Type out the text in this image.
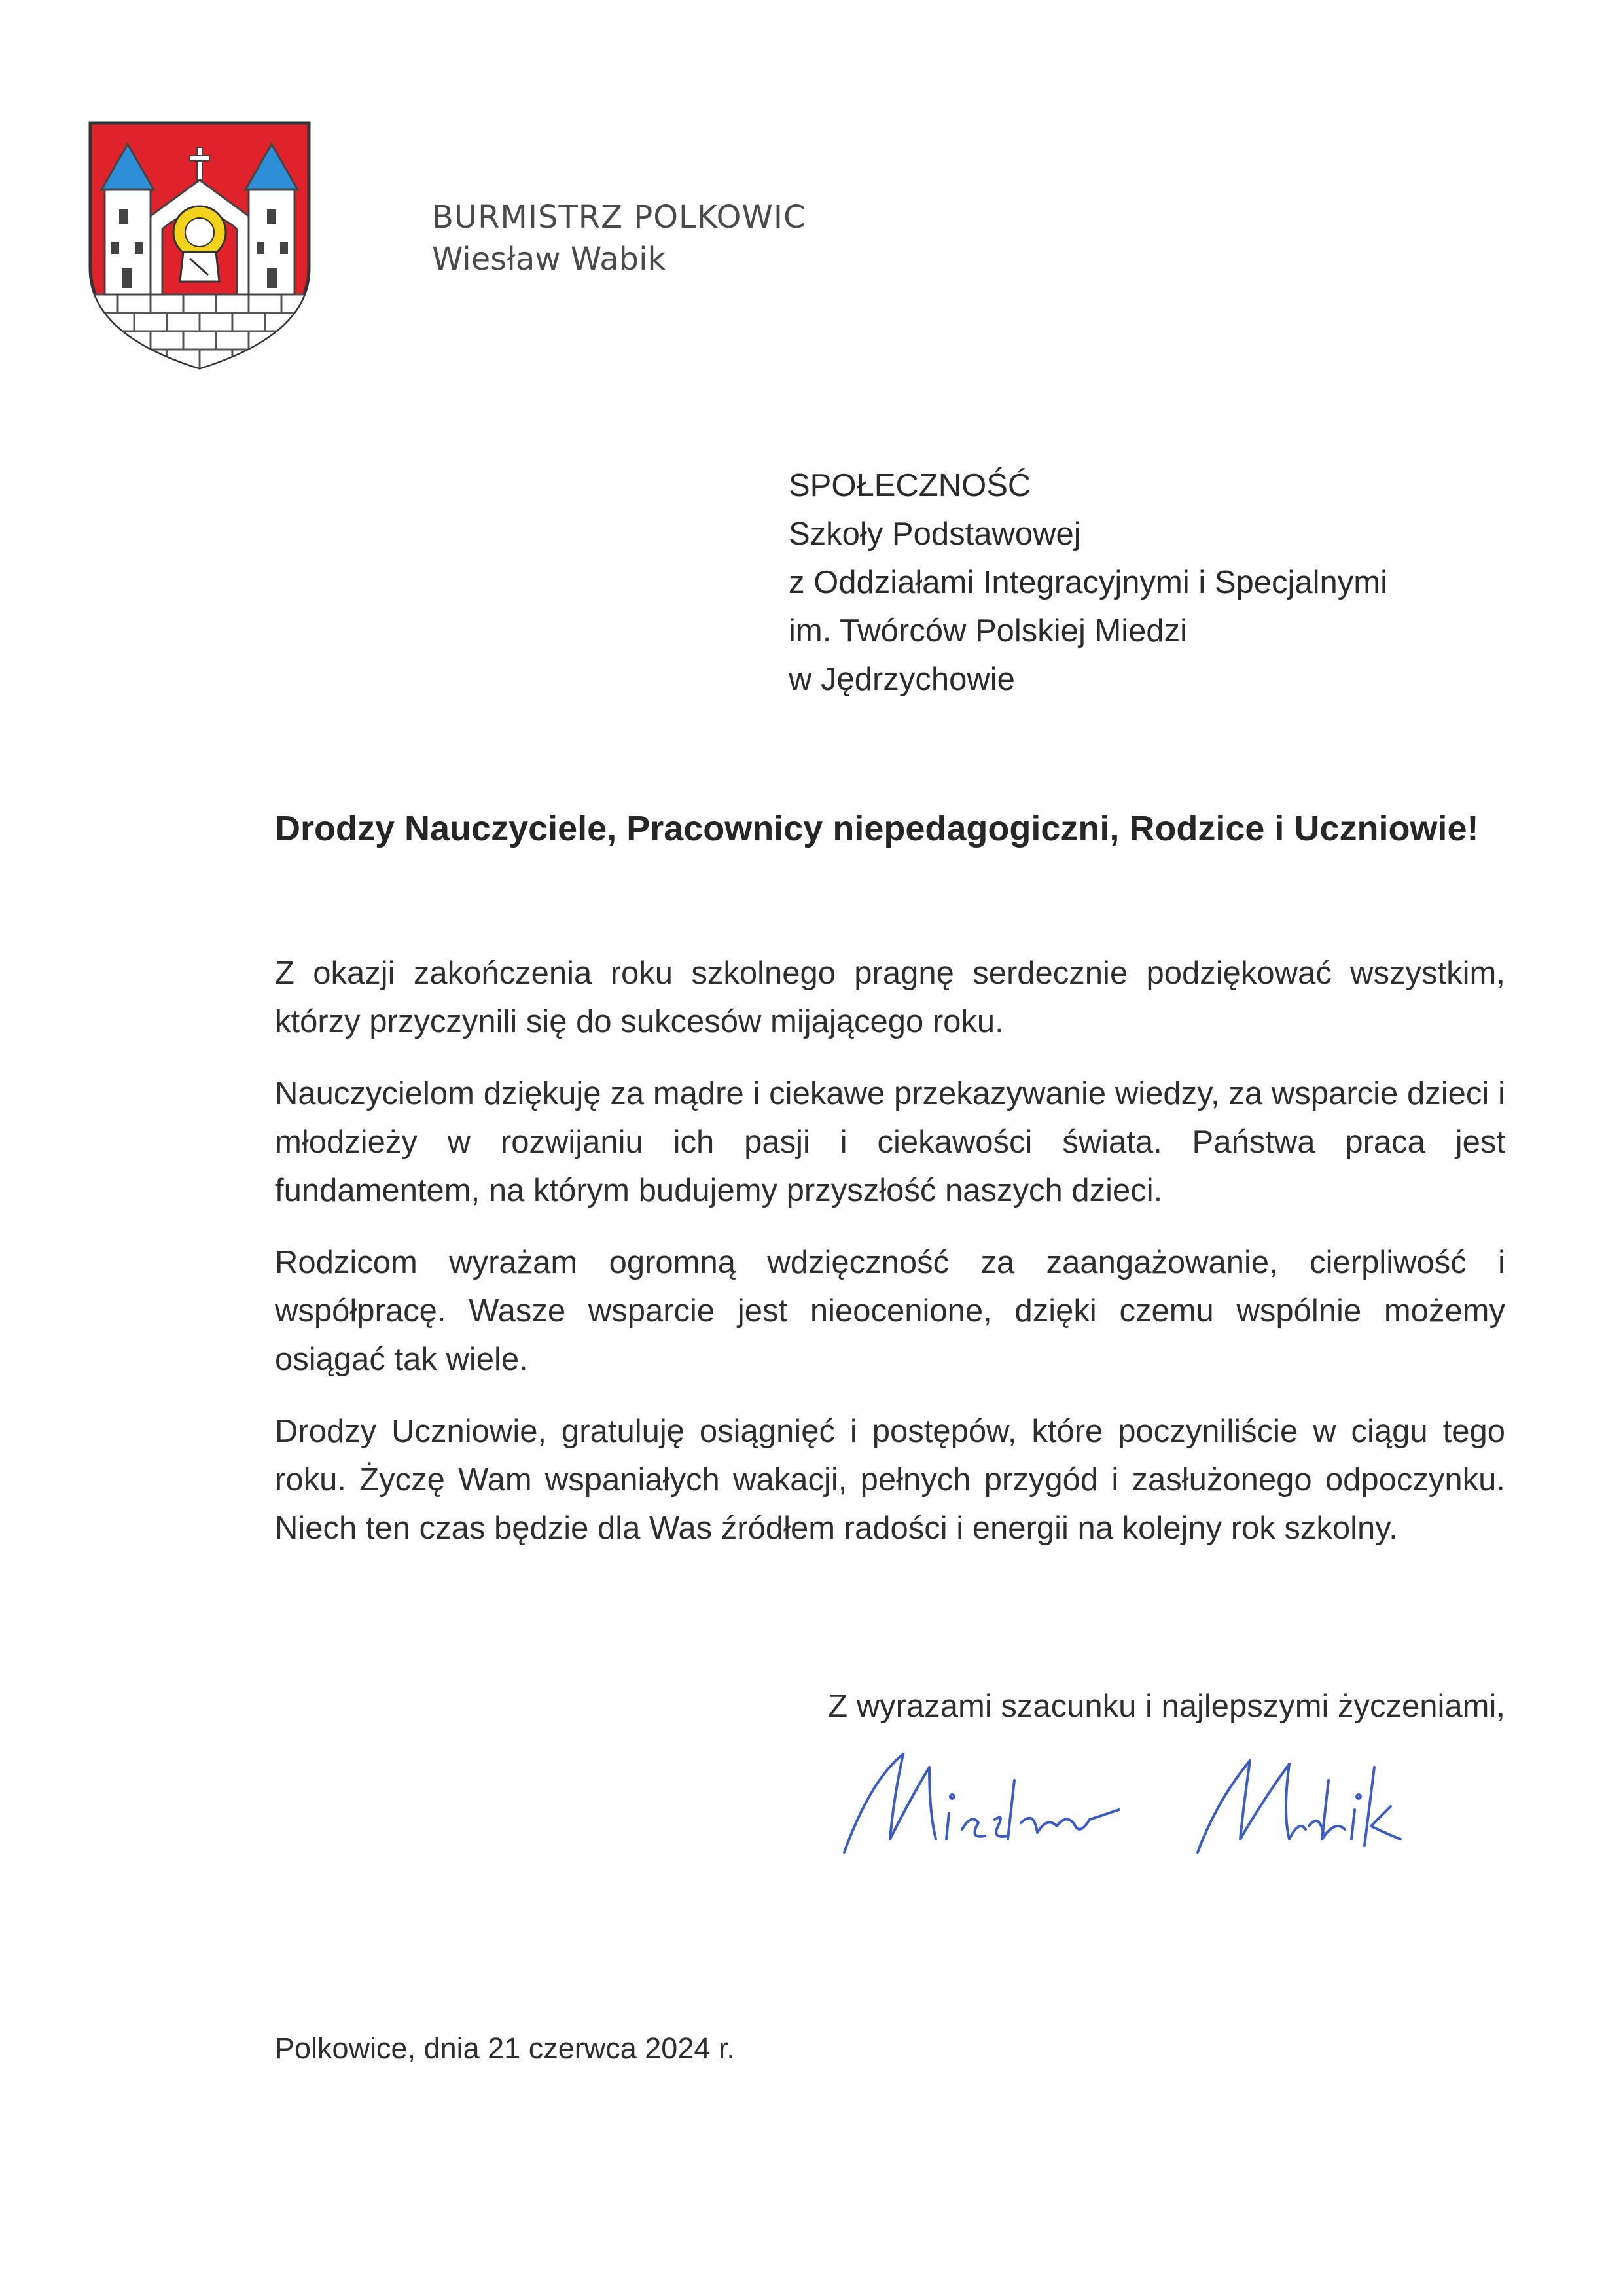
BURMISTRZ POLKOWIC
Wiesław Wabik
SPOŁECZNOŚĆ
Szkoły Podstawowej
z Oddziałami Integracyjnymi i Specjalnymi
im. Twórców Polskiej Miedzi
w Jędrzychowie
Drodzy Nauczyciele, Pracownicy niepedagogiczni, Rodzice i Uczniowie!

Z okazji zakończenia roku szkolnego pragnę serdecznie podziękować wszystkim, którzy przyczynili się do sukcesów mijającego roku.

Nauczycielom dziękuję za mądre i ciekawe przekazywanie wiedzy, za wsparcie dzieci i młodzieży w rozwijaniu ich pasji i ciekawości świata. Państwa praca jest fundamentem, na którym budujemy przyszłość naszych dzieci.

Rodzicom wyrażam ogromną wdzięczność za zaangażowanie, cierpliwość i współpracę. Wasze wsparcie jest nieocenione, dzięki czemu wspólnie możemy osiągać tak wiele.

Drodzy Uczniowie, gratuluję osiągnięć i postępów, które poczyniliście w ciągu tego roku. Życzę Wam wspaniałych wakacji, pełnych przygód i zasłużonego odpoczynku. Niech ten czas będzie dla Was źródłem radości i energii na kolejny rok szkolny.

Z wyrazami szacunku i najlepszymi życzeniami,
Polkowice, dnia 21 czerwca 2024 r.
